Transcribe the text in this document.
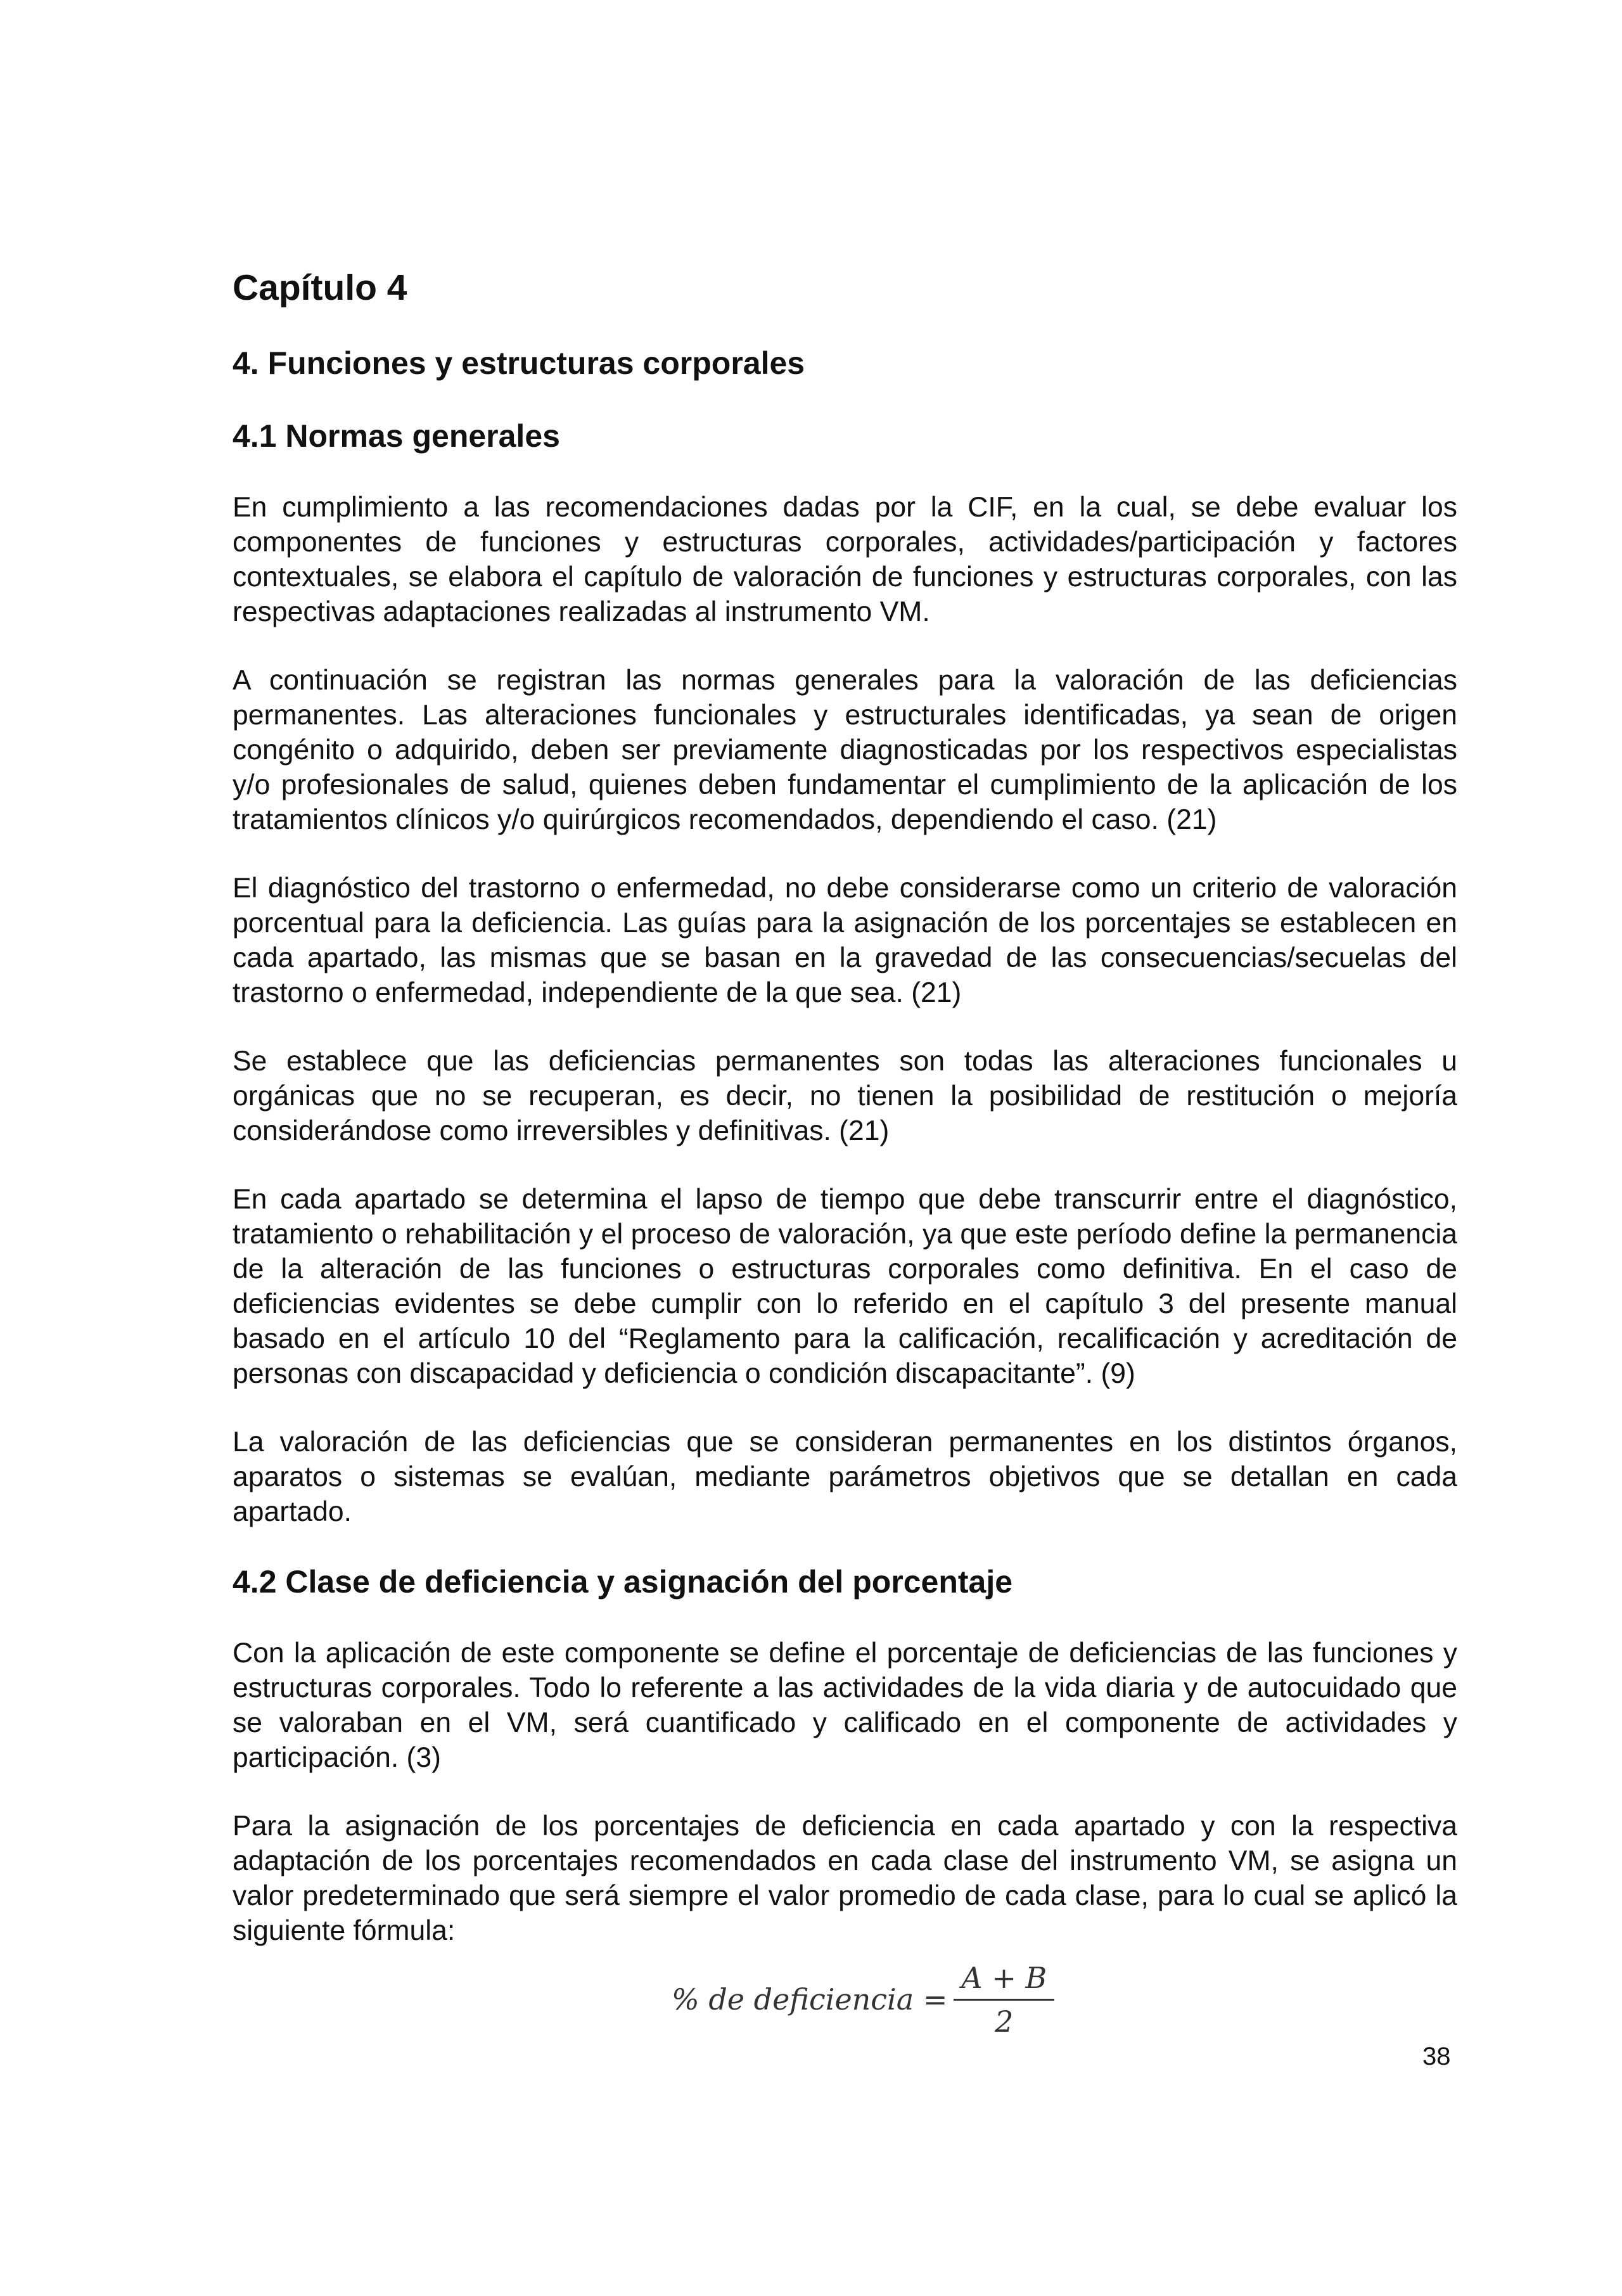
Capítulo 4
4. Funciones y estructuras corporales
4.1 Normas generales

En cumplimiento a las recomendaciones dadas por la CIF, en la cual, se debe evaluar los componentes de funciones y estructuras corporales, actividades/participación y factores contextuales, se elabora el capítulo de valoración de funciones y estructuras corporales, con las respectivas adaptaciones realizadas al instrumento VM.

A continuación se registran las normas generales para la valoración de las deficiencias permanentes. Las alteraciones funcionales y estructurales identificadas, ya sean de origen congénito o adquirido, deben ser previamente diagnosticadas por los respectivos especialistas y/o profesionales de salud, quienes deben fundamentar el cumplimiento de la aplicación de los tratamientos clínicos y/o quirúrgicos recomendados, dependiendo el caso. (21)

El diagnóstico del trastorno o enfermedad, no debe considerarse como un criterio de valoración porcentual para la deficiencia. Las guías para la asignación de los porcentajes se establecen en cada apartado, las mismas que se basan en la gravedad de las consecuencias/secuelas del trastorno o enfermedad, independiente de la que sea. (21)

Se establece que las deficiencias permanentes son todas las alteraciones funcionales u orgánicas que no se recuperan, es decir, no tienen la posibilidad de restitución o mejoría considerándose como irreversibles y definitivas. (21)

En cada apartado se determina el lapso de tiempo que debe transcurrir entre el diagnóstico, tratamiento o rehabilitación y el proceso de valoración, ya que este período define la permanencia de la alteración de las funciones o estructuras corporales como definitiva. En el caso de deficiencias evidentes se debe cumplir con lo referido en el capítulo 3 del presente manual basado en el artículo 10 del “Reglamento para la calificación, recalificación y acreditación de personas con discapacidad y deficiencia o condición discapacitante”. (9)

La valoración de las deficiencias que se consideran permanentes en los distintos órganos, aparatos o sistemas se evalúan, mediante parámetros objetivos que se detallan en cada apartado.

4.2 Clase de deficiencia y asignación del porcentaje

Con la aplicación de este componente se define el porcentaje de deficiencias de las funciones y estructuras corporales. Todo lo referente a las actividades de la vida diaria y de autocuidado que se valoraban en el VM, será cuantificado y calificado en el componente de actividades y participación. (3)

Para la asignación de los porcentajes de deficiencia en cada apartado y con la respectiva adaptación de los porcentajes recomendados en cada clase del instrumento VM, se asigna un valor predeterminado que será siempre el valor promedio de cada clase, para lo cual se aplicó la siguiente fórmula:

% de deficiencia = $\frac{A + B}{2}$
38
